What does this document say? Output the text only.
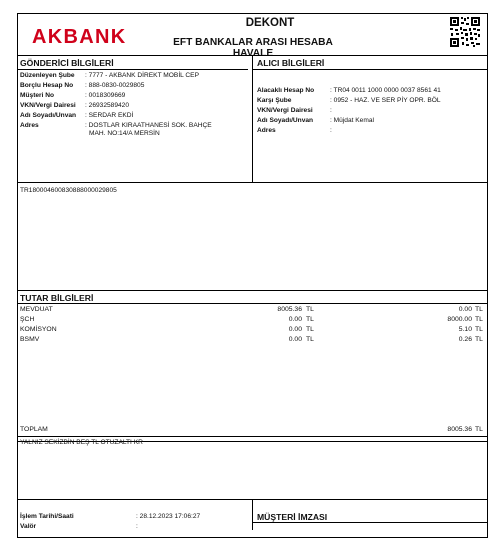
AKBANK
DEKONT
EFT BANKALAR ARASI HESABA HAVALE
GÖNDERİCİ BİLGİLERİ
Düzenleyen Şube : 7777 - AKBANK DİREKT MOBİL CEP
Borçlu Hesap No : 888-0830-0029805
Müşteri No	: 0018309669
VKN/Vergi Dairesi : 26932589420
Adı Soyadı/Unvan : SERDAR EKDİ
Adres	: DOSTLAR KIRAATHANESİ SOK. BAHÇE
MAH. NO:14/A MERSİN
ALICI BİLGİLERİ
Alacaklı Hesap No : TR04 0011 1000 0000 0037 8561 41
Karşı Şube	: 0952 - HAZ. VE SER PİY OPR. BÖL
VKN/Vergi Dairesi	:
Adı Soyadı/Unvan	: Müjdat Kemal
Adres	:
TR180004600830888000029805
TUTAR BİLGİLERİ
MEVDUAT	8005.36 TL	0.00 TL
ŞCH	0.00 TL	8000.00 TL
KOMİSYON	0.00 TL	5.10 TL
BSMV	0.00 TL	0.26 TL
TOPLAM	8005.36 TL
YALNIZ SEKİZBİN BEŞ TL OTUZALTI KR
İşlem Tarihi/Saati	: 28.12.2023 17:06:27
Valör	:
MÜŞTERİ İMZASI
